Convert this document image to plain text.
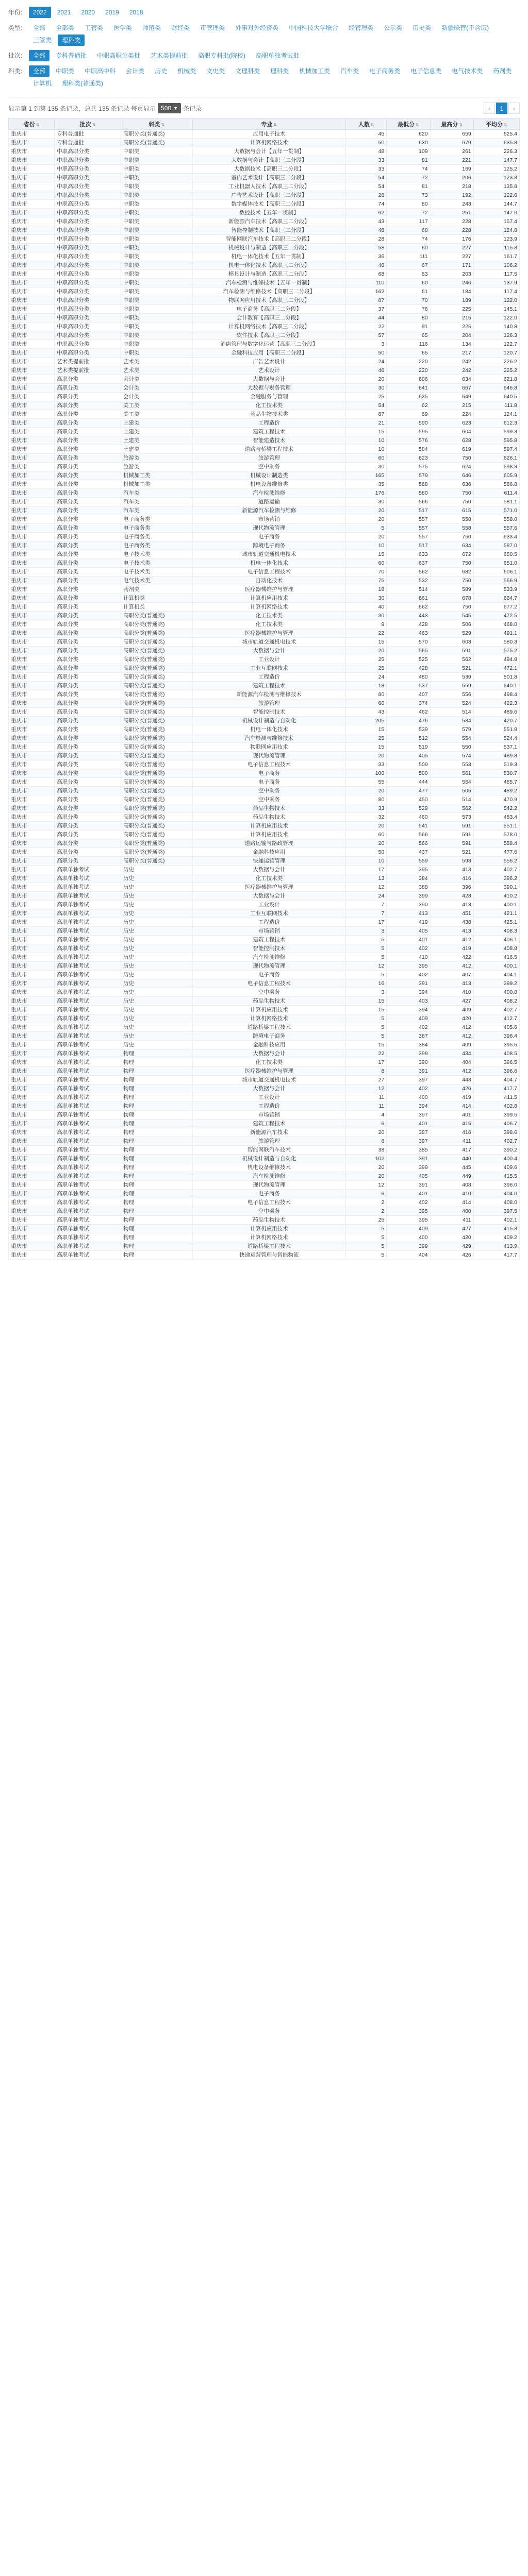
年份:	2022	2021	2020	2019	2018
类型:	全部	全部类	工管类	医学类	师范类	财经类	市管理类	外事对外经济类	中国科技大学联合	经管理类	公示类	历史类	新疆联管(不含历)
三管类	理科类
批次:	全部	专科普通批	中职高职分类批	艺术类提前批	高职专科批(院校)	高职单独考试批
科类:	全部	中职类	中职高中科	会计类	历史	机械类	文史类	文理科类	理科类	机械加工类	汽车类	电子商务类	电子信息类	电气技术类	药剂类
计算机	理科类(普通类)
显示第 1 到第 135 条记录，总共 135 条记录 每页显示 500 ▼ 条记录	‹	1	›
省份 ⇅	批次 ⇅	科类 ⇅	专业 ⇅	人数 ⇅	最低分 ⇅	最高分 ⇅	平均分 ⇅
重庆市	专科普通批	高职分类(普通类)	应用电子技术	45	620	659	625.4
重庆市	专科普通批	高职分类(普通类)	计算机网络技术	50	630	679	635.8
重庆市	中职高职分类	中职类	大数据与会计【五年一贯制】	48	109	261	226.3
重庆市	中职高职分类	中职类	大数据与会计【高职三二分段】	33	81	221	147.7
重庆市	中职高职分类	中职类	大数据技术【高职三二分段】	33	74	169	125.2
重庆市	中职高职分类	中职类	室内艺术设计【高职三二分段】	54	72	206	123.8
重庆市	中职高职分类	中职类	工业机器人技术【高职三二分段】	54	81	218	135.8
重庆市	中职高职分类	中职类	广告艺术设计【高职三二分段】	28	73	192	122.6
重庆市	中职高职分类	中职类	数字媒体技术【高职三二分段】	74	80	243	144.7
重庆市	中职高职分类	中职类	数控技术【五年一贯制】	62	72	251	147.0
重庆市	中职高职分类	中职类	新能源汽车技术【高职三二分段】	43	117	228	157.4
重庆市	中职高职分类	中职类	智能控制技术【高职三二分段】	48	68	228	124.8
重庆市	中职高职分类	中职类	智能网联汽车技术【高职三二分段】	28	74	176	123.9
重庆市	中职高职分类	中职类	机械设计与制造【高职三二分段】	58	60	227	115.8
重庆市	中职高职分类	中职类	机电一体化技术【五年一贯制】	36	111	227	161.7
重庆市	中职高职分类	中职类	机电一体化技术【高职三二分段】	46	67	171	106.2
重庆市	中职高职分类	中职类	模具设计与制造【高职三二分段】	68	63	203	117.5
重庆市	中职高职分类	中职类	汽车检测与维修技术【五年一贯制】	110	60	246	137.9
重庆市	中职高职分类	中职类	汽车检测与维修技术【高职三二分段】	162	61	184	117.4
重庆市	中职高职分类	中职类	物联网应用技术【高职三二分段】	87	70	189	122.0
重庆市	中职高职分类	中职类	电子商务【高职三二分段】	37	76	225	145.1
重庆市	中职高职分类	中职类	会计教育【高职三二分段】	44	80	215	122.0
重庆市	中职高职分类	中职类	计算机网络技术【高职三二分段】	22	91	225	140.8
重庆市	中职高职分类	中职类	软件技术【高职三二分段】	57	65	204	126.3
重庆市	中职高职分类	中职类	酒店管理与数字化运营【高职三二分段】	3	116	134	122.7
重庆市	中职高职分类	中职类	金融科技应用【高职三二分段】	50	65	217	120.7
重庆市	艺术类提前批	艺术类	广告艺术设计	24	220	242	226.2
重庆市	艺术类提前批	艺术类	艺术设计	46	220	242	225.2
重庆市	高职分类	会计类	大数据与会计	20	606	634	621.8
重庆市	高职分类	会计类	大数据与财务管理	30	641	667	646.8
重庆市	高职分类	会计类	金融服务与管理	25	635	649	640.5
重庆市	高职分类	美工类	化工技术类	54	62	215	111.8
重庆市	高职分类	美工类	药品生物技术类	87	69	224	124.1
重庆市	高职分类	土建类	工程造价	21	590	623	612.3
重庆市	高职分类	土建类	建筑工程技术	15	595	604	599.3
重庆市	高职分类	土建类	智能建造技术	10	576	628	595.8
重庆市	高职分类	土建类	道路与桥梁工程技术	10	584	619	597.4
重庆市	高职分类	旅游类	旅游管理	60	623	750	626.1
重庆市	高职分类	旅游类	空中乘务	30	575	624	598.3
重庆市	高职分类	机械加工类	机械设计制造类	165	579	646	605.9
重庆市	高职分类	机械加工类	机电设备维修类	35	568	636	586.8
重庆市	高职分类	汽车类	汽车检测维修	176	580	750	611.4
重庆市	高职分类	汽车类	道路运输	30	566	750	581.1
重庆市	高职分类	汽车类	新能源汽车检测与维修	20	517	615	571.0
重庆市	高职分类	电子商务类	市场营销	20	557	558	558.0
重庆市	高职分类	电子商务类	现代物流管理	5	557	558	557.6
重庆市	高职分类	电子商务类	电子商务	20	557	750	633.4
重庆市	高职分类	电子商务类	跨境电子商务	10	517	634	587.0
重庆市	高职分类	电子技术类	城市轨道交通机电技术	15	633	672	650.5
重庆市	高职分类	电子技术类	机电一体化技术	60	637	750	651.0
重庆市	高职分类	电子技术类	电子信息工程技术	70	562	682	606.1
重庆市	高职分类	电气技术类	自动化技术	75	532	750	566.9
重庆市	高职分类	药剂类	医疗器械维护与管理	18	514	589	533.9
重庆市	高职分类	计算机类	计算机应用技术	30	661	678	664.7
重庆市	高职分类	计算机类	计算机网络技术	40	662	750	677.2
重庆市	高职分类	高职分类(普通类)	化工技术类	30	443	545	472.5
重庆市	高职分类	高职分类(普通类)	化工技术类	9	428	506	468.0
重庆市	高职分类	高职分类(普通类)	医疗器械维护与管理	22	463	529	491.1
重庆市	高职分类	高职分类(普通类)	城市轨道交通机电技术	15	570	603	580.3
重庆市	高职分类	高职分类(普通类)	大数据与会计	20	565	591	575.2
重庆市	高职分类	高职分类(普通类)	工业设计	25	525	562	494.8
重庆市	高职分类	高职分类(普通类)	工业互联网技术	25	428	521	472.1
重庆市	高职分类	高职分类(普通类)	工程造价	24	480	539	501.8
重庆市	高职分类	高职分类(普通类)	建筑工程技术	18	537	559	540.1
重庆市	高职分类	高职分类(普通类)	新能源汽车检测与维修技术	80	407	556	498.4
重庆市	高职分类	高职分类(普通类)	旅游管理	60	374	524	422.3
重庆市	高职分类	高职分类(普通类)	智能控制技术	43	462	514	489.6
重庆市	高职分类	高职分类(普通类)	机械设计制造与自动化	205	476	584	420.7
重庆市	高职分类	高职分类(普通类)	机电一体化技术	15	539	579	551.8
重庆市	高职分类	高职分类(普通类)	汽车检测与维修技术	25	512	554	524.4
重庆市	高职分类	高职分类(普通类)	物联网应用技术	15	519	550	537.1
重庆市	高职分类	高职分类(普通类)	现代物流管理	20	405	574	489.8
重庆市	高职分类	高职分类(普通类)	电子信息工程技术	33	509	553	519.3
重庆市	高职分类	高职分类(普通类)	电子商务	100	500	561	530.7
重庆市	高职分类	高职分类(普通类)	电子商务	55	444	554	485.7
重庆市	高职分类	高职分类(普通类)	空中乘务	20	477	505	489.2
重庆市	高职分类	高职分类(普通类)	空中乘务	80	450	514	470.9
重庆市	高职分类	高职分类(普通类)	药品生物技术	33	529	562	542.2
重庆市	高职分类	高职分类(普通类)	药品生物技术	32	460	573	483.4
重庆市	高职分类	高职分类(普通类)	计算机应用技术	20	541	591	551.1
重庆市	高职分类	高职分类(普通类)	计算机应用技术	60	566	591	578.0
重庆市	高职分类	高职分类(普通类)	道路运输与路政管理	20	566	591	558.4
重庆市	高职分类	高职分类(普通类)	金融科技应用	50	437	521	477.6
重庆市	高职分类	高职分类(普通类)	快递运营管理	10	559	593	556.2
重庆市	高职单独考试	历史	大数据与会计	17	395	413	402.7
重庆市	高职单独考试	历史	化工技术类	13	384	416	396.2
重庆市	高职单独考试	历史	医疗器械维护与管理	12	388	396	390.1
重庆市	高职单独考试	历史	大数据与会计	24	399	428	410.2
重庆市	高职单独考试	历史	工业设计	7	390	413	400.1
重庆市	高职单独考试	历史	工业互联网技术	7	413	451	421.1
重庆市	高职单独考试	历史	工程造价	17	419	438	425.1
重庆市	高职单独考试	历史	市场营销	3	405	413	408.3
重庆市	高职单独考试	历史	建筑工程技术	5	401	412	406.1
重庆市	高职单独考试	历史	智能控制技术	5	402	419	408.8
重庆市	高职单独考试	历史	汽车检测维修	5	410	422	416.5
重庆市	高职单独考试	历史	现代物流管理	12	395	412	400.1
重庆市	高职单独考试	历史	电子商务	5	402	407	404.1
重庆市	高职单独考试	历史	电子信息工程技术	16	391	413	399.2
重庆市	高职单独考试	历史	空中乘务	3	394	410	400.8
重庆市	高职单独考试	历史	药品生物技术	15	403	427	408.2
重庆市	高职单独考试	历史	计算机应用技术	15	394	409	402.7
重庆市	高职单独考试	历史	计算机网络技术	5	409	420	412.7
重庆市	高职单独考试	历史	道路桥梁工程技术	5	402	412	405.6
重庆市	高职单独考试	历史	跨境电子商务	5	387	412	396.4
重庆市	高职单独考试	历史	金融科技应用	15	384	409	395.5
重庆市	高职单独考试	物理	大数据与会计	22	399	434	408.5
重庆市	高职单独考试	物理	化工技术类	17	390	404	396.5
重庆市	高职单独考试	物理	医疗器械维护与管理	8	391	412	396.6
重庆市	高职单独考试	物理	城市轨道交通机电技术	27	397	443	404.7
重庆市	高职单独考试	物理	大数据与会计	12	402	426	417.7
重庆市	高职单独考试	物理	工业设计	11	400	419	411.5
重庆市	高职单独考试	物理	工程造价	11	394	414	402.8
重庆市	高职单独考试	物理	市场营销	4	397	401	399.5
重庆市	高职单独考试	物理	建筑工程技术	6	401	415	406.7
重庆市	高职单独考试	物理	新能源汽车技术	20	387	416	398.6
重庆市	高职单独考试	物理	旅游管理	6	397	411	402.7
重庆市	高职单独考试	物理	智能网联汽车技术	38	385	417	390.2
重庆市	高职单独考试	物理	机械设计制造与自动化	102	391	440	400.4
重庆市	高职单独考试	物理	机电设备维修技术	20	399	445	409.6
重庆市	高职单独考试	物理	汽车检测维修	20	405	449	415.5
重庆市	高职单独考试	物理	现代物流管理	12	391	408	396.0
重庆市	高职单独考试	物理	电子商务	6	401	410	404.0
重庆市	高职单独考试	物理	电子信息工程技术	2	402	414	408.0
重庆市	高职单独考试	物理	空中乘务	2	395	400	397.5
重庆市	高职单独考试	物理	药品生物技术	25	395	411	402.1
重庆市	高职单独考试	物理	计算机应用技术	5	409	427	415.8
重庆市	高职单独考试	物理	计算机网络技术	5	400	420	409.2
重庆市	高职单独考试	物理	道路桥梁工程技术	5	399	429	413.9
重庆市	高职单独考试	物理	快递运营管理与智能物流	5	404	426	417.7
